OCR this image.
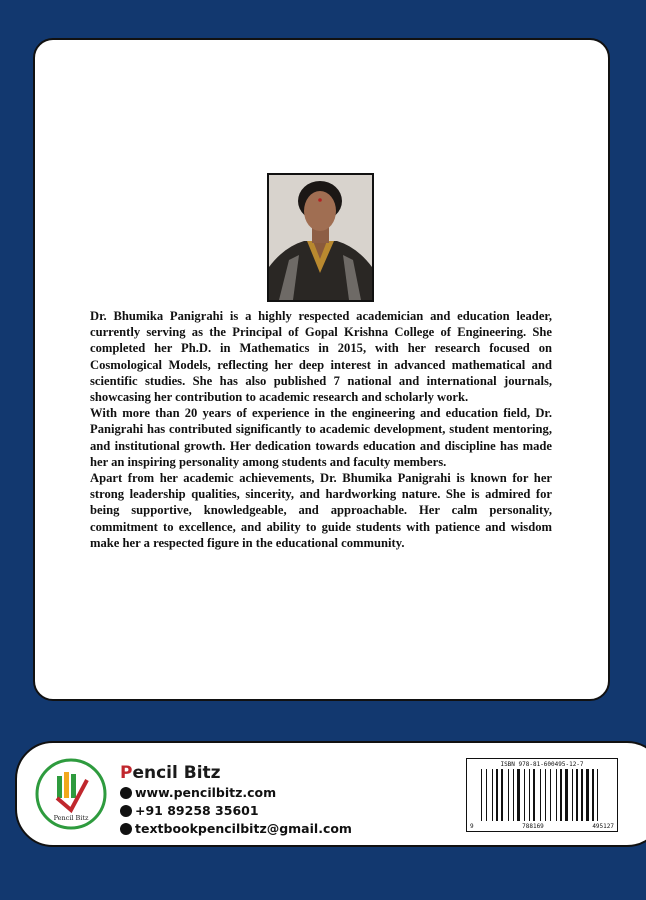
Dr. Bhumika Panigrahi is a highly respected academician and education leader, currently serving as the Principal of Gopal Krishna College of Engineering. She completed her Ph.D. in Mathematics in 2015, with her research focused on Cosmological Models, reflecting her deep interest in advanced mathematical and scientific studies. She has also published 7 national and international journals, showcasing her contribution to academic research and scholarly work.

With more than 20 years of experience in the engineering and education field, Dr. Panigrahi has contributed significantly to academic development, student mentoring, and institutional growth. Her dedication towards education and discipline has made her an inspiring personality among students and faculty members.

Apart from her academic achievements, Dr. Bhumika Panigrahi is known for her strong leadership qualities, sincerity, and hardworking nature. She is admired for being supportive, knowledgeable, and approachable. Her calm personality, commitment to excellence, and ability to guide students with patience and wisdom make her a respected figure in the educational community.

Pencil Bitz
Pencil Bitz
www.pencilbitz.com
+91 89258 35601
textbookpencilbitz@gmail.com
ISBN 978-81-600495-12-7
9	788169	495127
